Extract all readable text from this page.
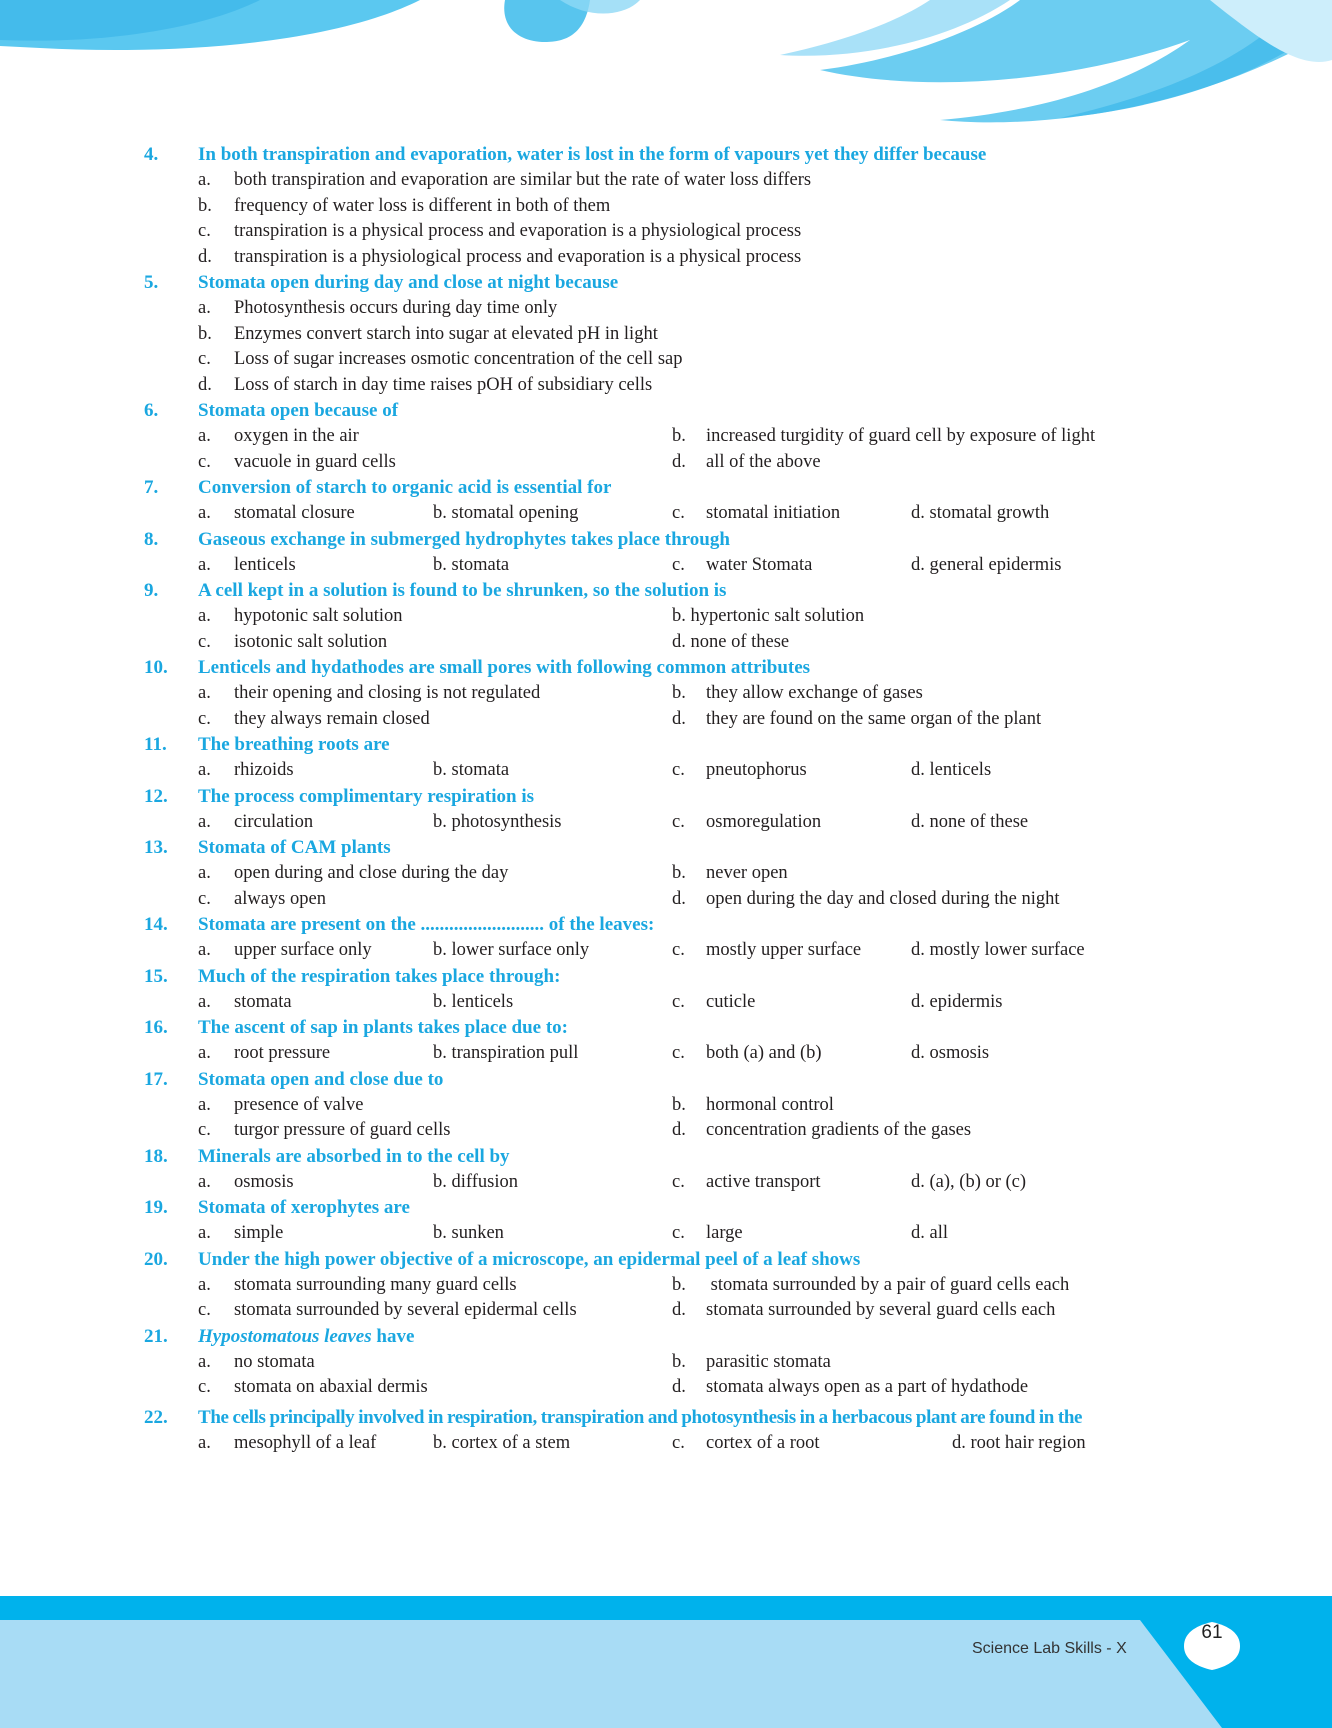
4. In both transpiration and evaporation, water is lost in the form of vapours yet they differ because
a. both transpiration and evaporation are similar but the rate of water loss differs
b. frequency of water loss is different in both of them
c. transpiration is a physical process and evaporation is a physiological process
d. transpiration is a physiological process and evaporation is a physical process
5. Stomata open during day and close at night because
a. Photosynthesis occurs during day time only
b. Enzymes convert starch into sugar at elevated pH in light
c. Loss of sugar increases osmotic concentration of the cell sap
d. Loss of starch in day time raises pOH of subsidiary cells
6. Stomata open because of
a. oxygen in the air	b. increased turgidity of guard cell by exposure of light
c. vacuole in guard cells	d. all of the above
7. Conversion of starch to organic acid is essential for
a. stomatal closure	b. stomatal opening	c. stomatal initiation	d. stomatal growth
8. Gaseous exchange in submerged hydrophytes takes place through
a. lenticels	b. stomata	c. water Stomata	d. general epidermis
9. A cell kept in a solution is found to be shrunken, so the solution is
a. hypotonic salt solution	b. hypertonic salt solution
c. isotonic salt solution	d. none of these
10. Lenticels and hydathodes are small pores with following common attributes
a. their opening and closing is not regulated	b. they allow exchange of gases
c. they always remain closed	d. they are found on the same organ of the plant
11. The breathing roots are
a. rhizoids	b. stomata	c. pneutophorus	d. lenticels
12. The process complimentary respiration is
a. circulation	b. photosynthesis	c. osmoregulation	d. none of these
13. Stomata of CAM plants
a. open during and close during the day	b. never open
c. always open	d. open during the day and closed during the night
14. Stomata are present on the .......................... of the leaves:
a. upper surface only	b. lower surface only	c. mostly upper surface	d. mostly lower surface
15. Much of the respiration takes place through:
a. stomata	b. lenticels	c. cuticle	d. epidermis
16. The ascent of sap in plants takes place due to:
a. root pressure	b. transpiration pull	c. both (a) and (b)	d. osmosis
17. Stomata open and close due to
a. presence of valve	b. hormonal control
c. turgor pressure of guard cells	d. concentration gradients of the gases
18. Minerals are absorbed in to the cell by
a. osmosis	b. diffusion	c. active transport	d. (a), (b) or (c)
19. Stomata of xerophytes are
a. simple	b. sunken	c. large	d. all
20. Under the high power objective of a microscope, an epidermal peel of a leaf shows
a. stomata surrounding many guard cells	b. stomata surrounded by a pair of guard cells each
c. stomata surrounded by several epidermal cells	d. stomata surrounded by several guard cells each
21. Hypostomatous leaves have
a. no stomata	b. parasitic stomata
c. stomata on abaxial dermis	d. stomata always open as a part of hydathode
22. The cells principally involved in respiration, transpiration and photosynthesis in a herbacous plant are found in the
a. mesophyll of a leaf	b. cortex of a stem	c. cortex of a root	d. root hair region
Science Lab Skills - X
61
